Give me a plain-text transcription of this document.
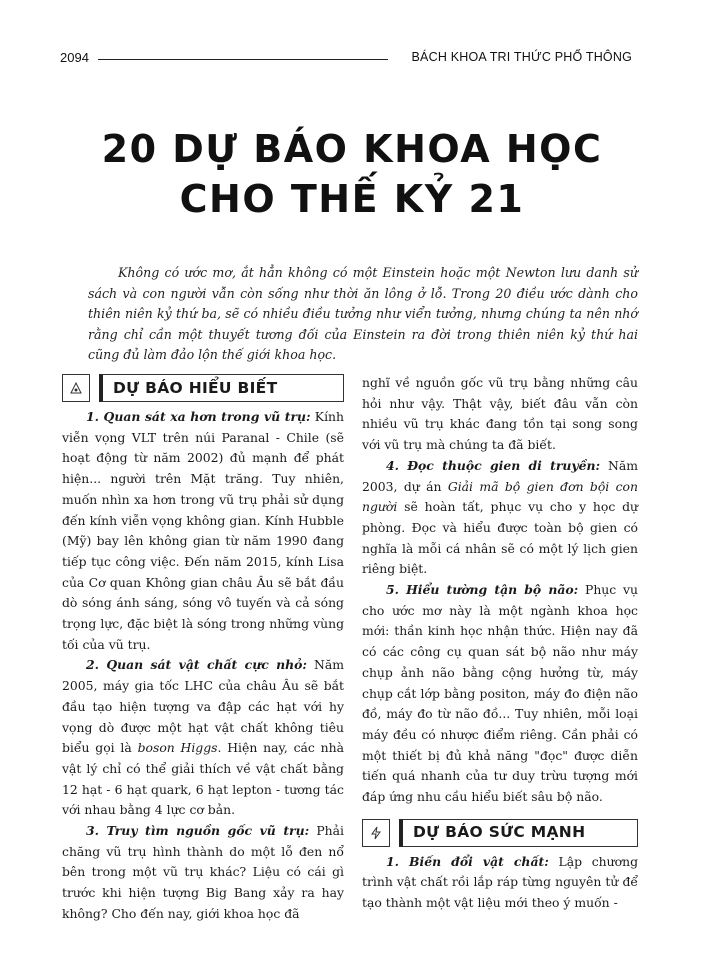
2094	BÁCH KHOA TRI THỨC PHỔ THÔNG
20 DỰ BÁO KHOA HỌC
CHO THẾ KỶ 21

Không có ước mơ, ắt hẳn không có một Einstein hoặc một Newton lưu danh sử sách và con người vẫn còn sống như thời ăn lông ở lỗ. Trong 20 điều ước dành cho thiên niên kỷ thứ ba, sẽ có nhiều điều tưởng như viển tưởng, nhưng chúng ta nên nhớ rằng chỉ cần một thuyết tương đối của Einstein ra đời trong thiên niên kỷ thứ hai cũng đủ làm đảo lộn thế giới khoa học.

DỰ BÁO HIỂU BIẾT

1. Quan sát xa hơn trong vũ trụ: Kính viễn vọng VLT trên núi Paranal - Chile (sẽ hoạt động từ năm 2002) đủ mạnh để phát hiện... người trên Mặt trăng. Tuy nhiên, muốn nhìn xa hơn trong vũ trụ phải sử dụng đến kính viễn vọng không gian. Kính Hubble (Mỹ) bay lên không gian từ năm 1990 đang tiếp tục công việc. Đến năm 2015, kính Lisa của Cơ quan Không gian châu Âu sẽ bắt đầu dò sóng ánh sáng, sóng vô tuyến và cả sóng trọng lực, đặc biệt là sóng trong những vùng tối của vũ trụ.

2. Quan sát vật chất cực nhỏ: Năm 2005, máy gia tốc LHC của châu Âu sẽ bắt đầu tạo hiện tượng va đập các hạt với hy vọng dò được một hạt vật chất không tiêu biểu gọi là boson Higgs. Hiện nay, các nhà vật lý chỉ có thể giải thích về vật chất bằng 12 hạt - 6 hạt quark, 6 hạt lepton - tương tác với nhau bằng 4 lực cơ bản.

3. Truy tìm nguồn gốc vũ trụ: Phải chăng vũ trụ hình thành do một lỗ đen nổ bên trong một vũ trụ khác? Liệu có cái gì trước khi hiện tượng Big Bang xảy ra hay không? Cho đến nay, giới khoa học đã

nghĩ về nguồn gốc vũ trụ bằng những câu hỏi như vậy. Thật vậy, biết đâu vẫn còn nhiều vũ trụ khác đang tồn tại song song với vũ trụ mà chúng ta đã biết.

4. Đọc thuộc gien di truyền: Năm 2003, dự án Giải mã bộ gien đơn bội con người sẽ hoàn tất, phục vụ cho y học dự phòng. Đọc và hiểu được toàn bộ gien có nghĩa là mỗi cá nhân sẽ có một lý lịch gien riêng biệt.

5. Hiểu tường tận bộ não: Phục vụ cho ước mơ này là một ngành khoa học mới: thần kinh học nhận thức. Hiện nay đã có các công cụ quan sát bộ não như máy chụp ảnh não bằng cộng hưởng từ, máy chụp cắt lớp bằng positon, máy đo điện não đồ, máy đo từ não đồ... Tuy nhiên, mỗi loại máy đều có nhược điểm riêng. Cần phải có một thiết bị đủ khả năng "đọc" được diễn tiến quá nhanh của tư duy trừu tượng mới đáp ứng nhu cầu hiểu biết sâu bộ não.

DỰ BÁO SỨC MẠNH

1. Biến đổi vật chất: Lập chương trình vật chất rồi lắp ráp từng nguyên tử để tạo thành một vật liệu mới theo ý muốn -
